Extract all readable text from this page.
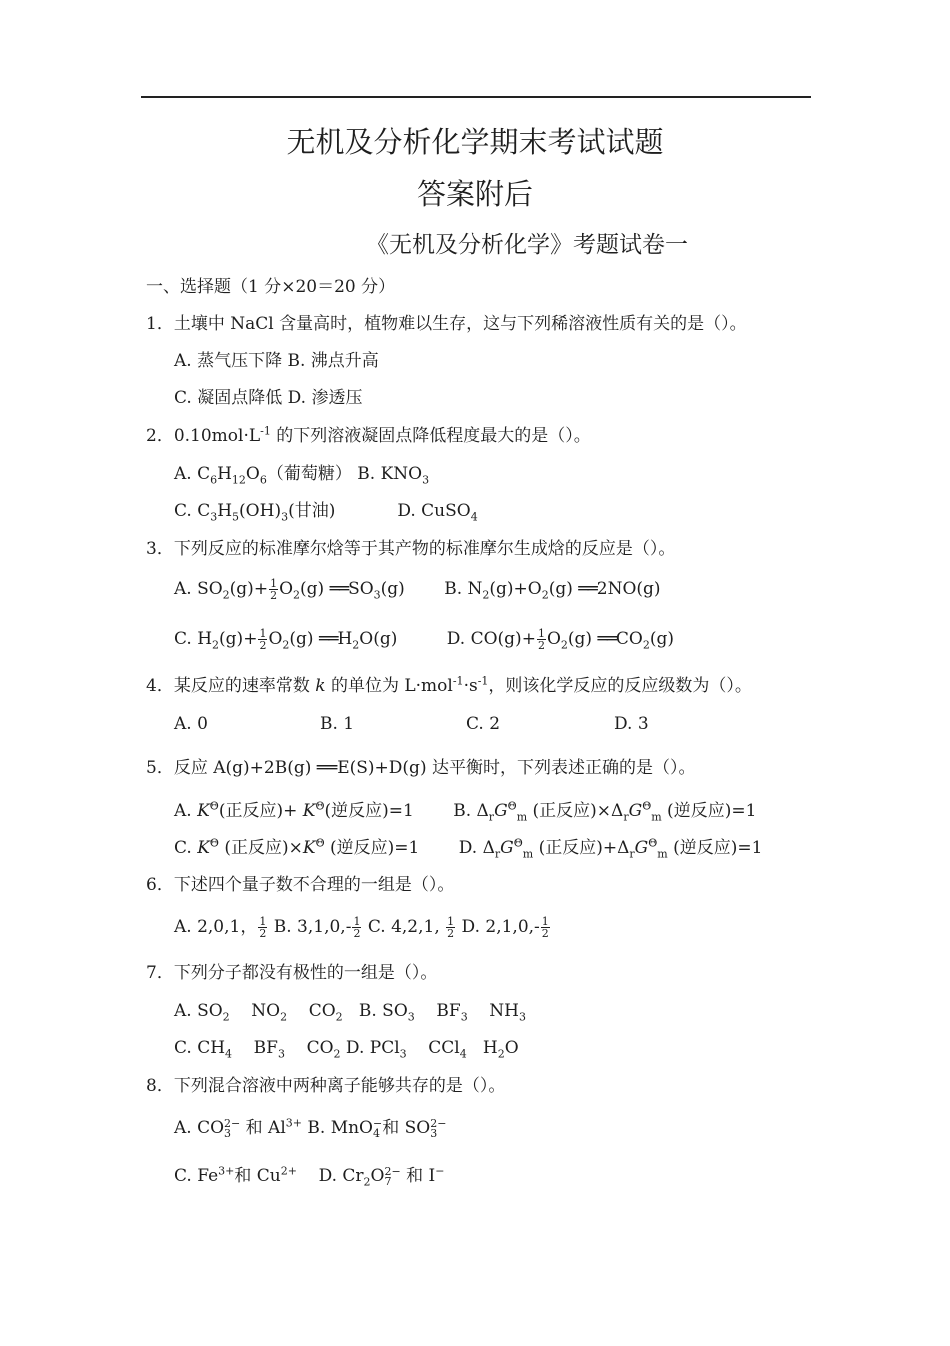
无机及分析化学期末考试试题
答案附后
《无机及分析化学》考题试卷一
一、选择题（1 分×20＝20 分）
1．土壤中 NaCl 含量高时，植物难以生存，这与下列稀溶液性质有关的是（）。
A. 蒸气压下降 B. 沸点升高
C. 凝固点降低 D. 渗透压
2．$0.10mol\cdot L^{-1}$ 的下列溶液凝固点降低程度最大的是（）。
A. $C_6H_{12}O_6$（葡萄糖） B. $KNO_3$
C. $C_3H_5(OH)_3$(甘油)	D. CuSO$_4$
3．下列反应的标准摩尔焓等于其产物的标准摩尔生成焓的反应是（）。
A. $SO_2(g)+ \frac{1}{2} O_2(g)$ $══SO_3(g)$ B. $N_2(g)+O_2(g)$ ══2NO(g)
C. $H_2(g)+ \frac{1}{2} O_2(g)$ $══H_2O(g)$	D. $CO(g)+ \frac{1}{2} O_2(g)$ $══CO_2(g)$
4．某反应的速率常数 k 的单位为 $L\cdot mol^{-1}\cdot s^{-1}$，则该化学反应的反应级数为（）。
A. 0	B. 1	C. 2	D. 3
5．反应 A(g)+2B(g) ══E(S)+D(g) 达平衡时，下列表述正确的是（）。
A. $K^\Theta$(正反应)+ $K^\Theta$(逆反应)=1 B. $\Delta_rG^\Theta_m$ (正反应)$\times\Delta_rG^\Theta_m$ (逆反应)=1
C. $K^\Theta$ (正反应)$\times K^\Theta$ (逆反应)=1 D. $\Delta_rG^\Theta_m$ (正反应)$+\Delta_rG^\Theta_m$ (逆反应)=1
6．下述四个量子数不合理的一组是（）。
A. 2,0,1， $\frac{1}{2} B$. $3,1,0,- \frac{1}{2} C$. 4,2,1, $\frac{1}{2} D$. $2,1,0,- \frac{1}{2}$
7．下列分子都没有极性的一组是（）。
A. $SO_2$    $NO_2$    $CO_2$   B. $SO_3$    $BF_3$    $NH_3$
C. $CH_4$    $BF_3$    $CO_2$ D. PCl$_3$    CCl$_4$   $H_2O$
8．下列混合溶液中两种离子能够共存的是（）。
A. CO 2−
3 和 $Al^{3+}$ B. MnO −
4 和 SO 2−
3
C. $Fe^{3+}$和 $Cu^{2+}$    D. $Cr_2O$ 2−
7 和 I−
